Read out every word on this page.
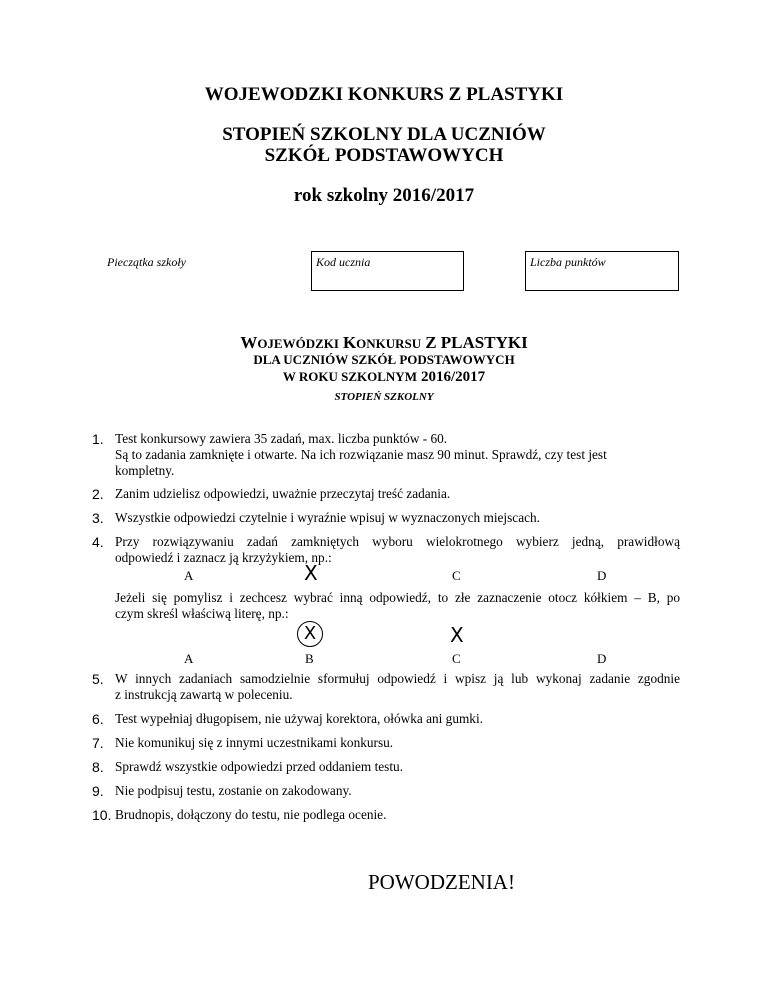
WOJEWODZKI KONKURS Z PLASTYKI
STOPIEŃ SZKOLNY DLA UCZNIÓW
SZKÓŁ PODSTAWOWYCH
rok szkolny 2016/2017
Pieczątka szkoły	Kod ucznia	Liczba punktów
WOJEWÓDZKI KONKURSU Z PLASTYKI
DLA UCZNIÓW SZKÓŁ PODSTAWOWYCH
W ROKU SZKOLNYM 2016/2017
STOPIEŃ SZKOLNY
1. Test konkursowy zawiera 35 zadań, max. liczba punktów - 60.
Są to zadania zamknięte i otwarte. Na ich rozwiązanie masz 90 minut. Sprawdź, czy test jest
kompletny.
2. Zanim udzielisz odpowiedzi, uważnie przeczytaj treść zadania.
3. Wszystkie odpowiedzi czytelnie i wyraźnie wpisuj w wyznaczonych miejscach.
4. Przy rozwiązywaniu zadań zamkniętych wyboru wielokrotnego wybierz jedną, prawidłową
odpowiedź i zaznacz ją krzyżykiem, np.:
A	X	C	D
Jeżeli się pomylisz i zechcesz wybrać inną odpowiedź, to złe zaznaczenie otocz kółkiem – B, po
czym skreśl właściwą literę, np.:
X	X
A	B	C	D
5. W innych zadaniach samodzielnie sformułuj odpowiedź i wpisz ją lub wykonaj zadanie zgodnie
z instrukcją zawartą w poleceniu.
6. Test wypełniaj długopisem, nie używaj korektora, ołówka ani gumki.
7. Nie komunikuj się z innymi uczestnikami konkursu.
8. Sprawdź wszystkie odpowiedzi przed oddaniem testu.
9. Nie podpisuj testu, zostanie on zakodowany.
10. Brudnopis, dołączony do testu, nie podlega ocenie.
POWODZENIA!
